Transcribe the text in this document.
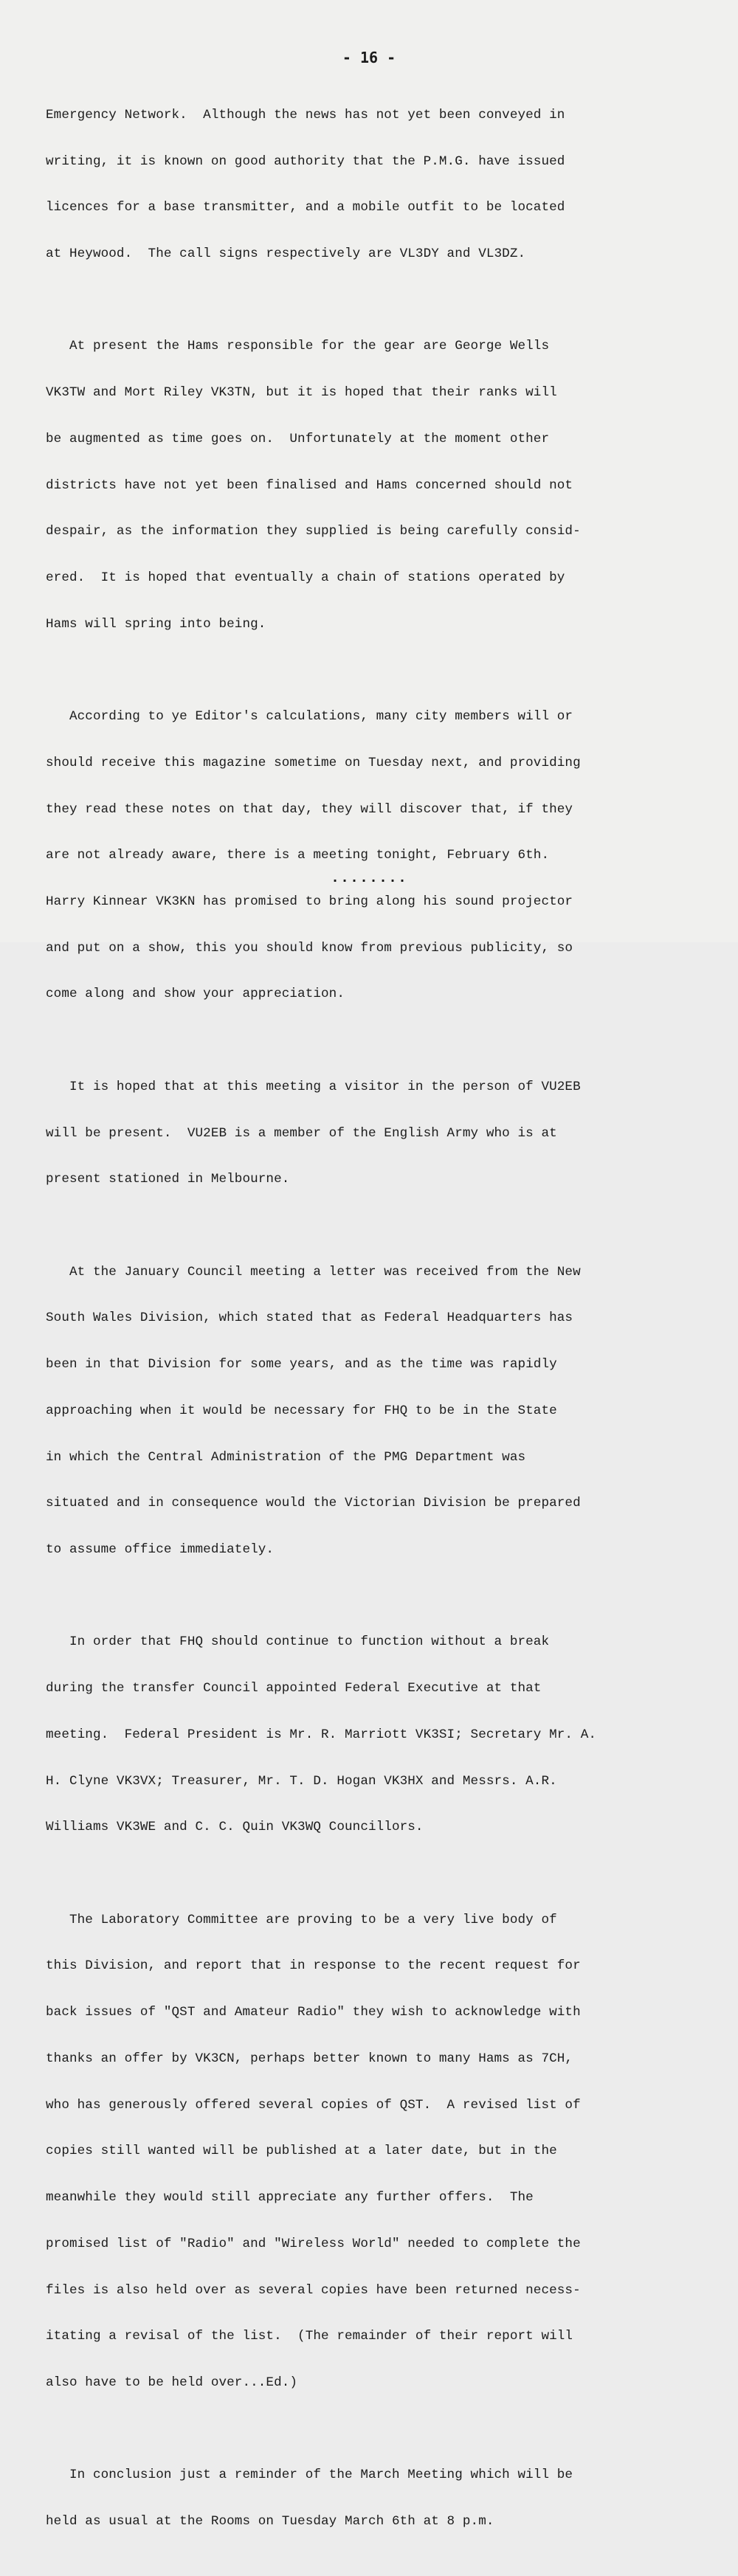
- 16 -

Emergency Network.  Although the news has not yet been conveyed in

writing, it is known on good authority that the P.M.G. have issued

licences for a base transmitter, and a mobile outfit to be located

at Heywood.  The call signs respectively are VL3DY and VL3DZ.

At present the Hams responsible for the gear are George Wells

VK3TW and Mort Riley VK3TN, but it is hoped that their ranks will

be augmented as time goes on.  Unfortunately at the moment other

districts have not yet been finalised and Hams concerned should not

despair, as the information they supplied is being carefully consid-

ered.  It is hoped that eventually a chain of stations operated by

Hams will spring into being.

According to ye Editor's calculations, many city members will or

should receive this magazine sometime on Tuesday next, and providing

they read these notes on that day, they will discover that, if they

are not already aware, there is a meeting tonight, February 6th.

Harry Kinnear VK3KN has promised to bring along his sound projector

and put on a show, this you should know from previous publicity, so

come along and show your appreciation.

It is hoped that at this meeting a visitor in the person of VU2EB

will be present.  VU2EB is a member of the English Army who is at

present stationed in Melbourne.

At the January Council meeting a letter was received from the New

South Wales Division, which stated that as Federal Headquarters has

been in that Division for some years, and as the time was rapidly

approaching when it would be necessary for FHQ to be in the State

in which the Central Administration of the PMG Department was

situated and in consequence would the Victorian Division be prepared

to assume office immediately.

In order that FHQ should continue to function without a break

during the transfer Council appointed Federal Executive at that

meeting.  Federal President is Mr. R. Marriott VK3SI; Secretary Mr. A.

H. Clyne VK3VX; Treasurer, Mr. T. D. Hogan VK3HX and Messrs. A.R.

Williams VK3WE and C. C. Quin VK3WQ Councillors.

The Laboratory Committee are proving to be a very live body of

this Division, and report that in response to the recent request for

back issues of "QST and Amateur Radio" they wish to acknowledge with

thanks an offer by VK3CN, perhaps better known to many Hams as 7CH,

who has generously offered several copies of QST.  A revised list of

copies still wanted will be published at a later date, but in the

meanwhile they would still appreciate any further offers.  The

promised list of "Radio" and "Wireless World" needed to complete the

files is also held over as several copies have been returned necess-

itating a revisal of the list.  (The remainder of their report will

also have to be held over...Ed.)

In conclusion just a reminder of the March Meeting which will be

held as usual at the Rooms on Tuesday March 6th at 8 p.m.

........
